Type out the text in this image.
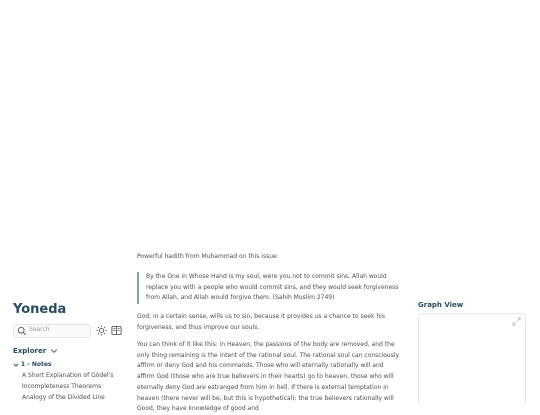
Yoneda
Search
Explorer
1 - Notes
A Short Explanation of Gödel's
Incompleteness Theorems
Analogy of the Divided Line
Powerful hadith from Muhammad on this issue:

By the One in Whose Hand is my soul, were you not to commit sins, Allah would replace you with a people who would commit sins, and they would seek forgiveness from Allah, and Allah would forgive them. (Sahih Muslim 2749)

God, in a certain sense, wills us to sin, because it provides us a chance to seek his forgiveness, and thus improve our souls.

You can think of it like this: in Heaven, the passions of the body are removed, and the only thing remaining is the intent of the rational soul. The rational soul can consciously affirm or deny God and his commands. Those who will eternally rationally will and affirm God (those who are true believers in their hearts) go to heaven, those who will eternally deny God are estranged from him in hell. If there is external temptation in heaven (there never will be, but this is hypothetical): the true believers rationally will Good, they have knowledge of good and

Graph View
